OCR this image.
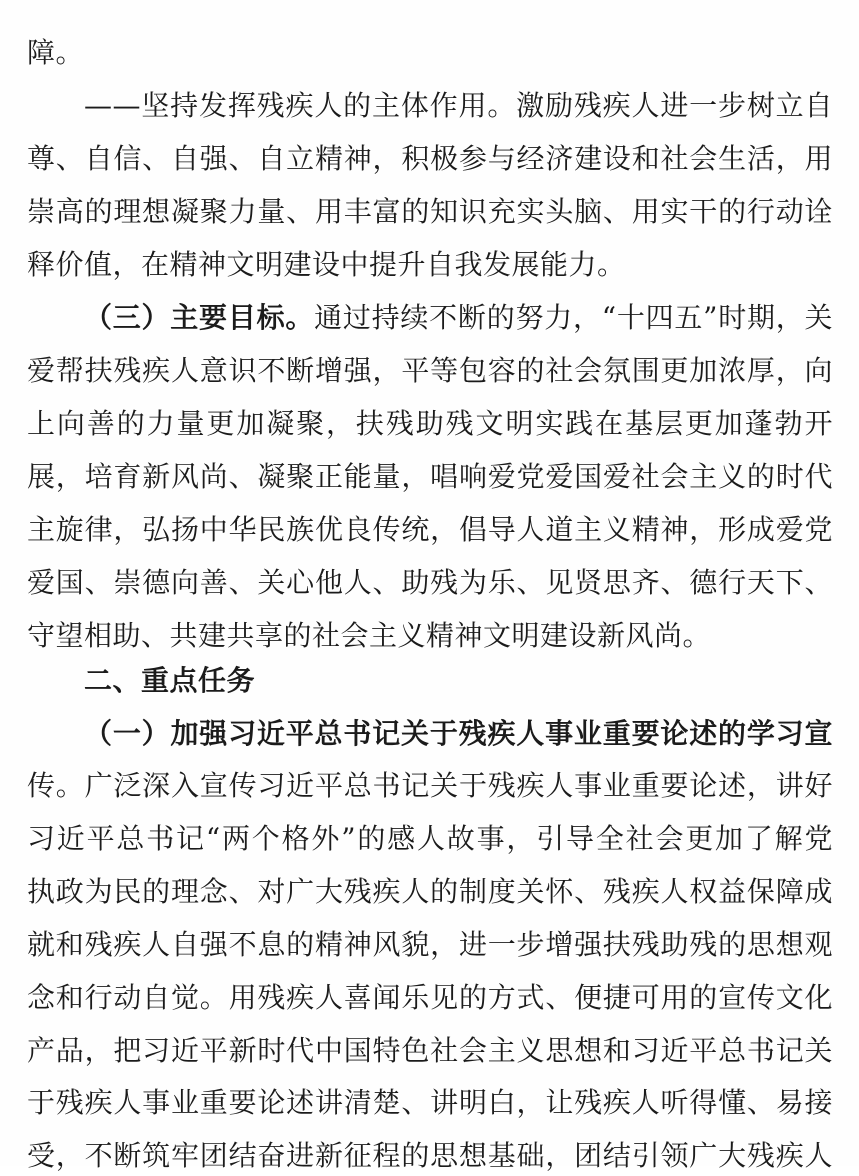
障。
——坚持发挥残疾人的主体作用。激励残疾人进一步树立自
尊、自信、自强、自立精神，积极参与经济建设和社会生活，用
崇高的理想凝聚力量、用丰富的知识充实头脑、用实干的行动诠
释价值，在精神文明建设中提升自我发展能力。
（三）主要目标。通过持续不断的努力，“十四五”时期，关
爱帮扶残疾人意识不断增强，平等包容的社会氛围更加浓厚，向
上向善的力量更加凝聚，扶残助残文明实践在基层更加蓬勃开
展，培育新风尚、凝聚正能量，唱响爱党爱国爱社会主义的时代
主旋律，弘扬中华民族优良传统，倡导人道主义精神，形成爱党
爱国、崇德向善、关心他人、助残为乐、见贤思齐、德行天下、
守望相助、共建共享的社会主义精神文明建设新风尚。
二、重点任务
（一）加强习近平总书记关于残疾人事业重要论述的学习宣
传。广泛深入宣传习近平总书记关于残疾人事业重要论述，讲好
习近平总书记“两个格外”的感人故事，引导全社会更加了解党
执政为民的理念、对广大残疾人的制度关怀、残疾人权益保障成
就和残疾人自强不息的精神风貌，进一步增强扶残助残的思想观
念和行动自觉。用残疾人喜闻乐见的方式、便捷可用的宣传文化
产品，把习近平新时代中国特色社会主义思想和习近平总书记关
于残疾人事业重要论述讲清楚、讲明白，让残疾人听得懂、易接
受，不断筑牢团结奋进新征程的思想基础，团结引领广大残疾人
